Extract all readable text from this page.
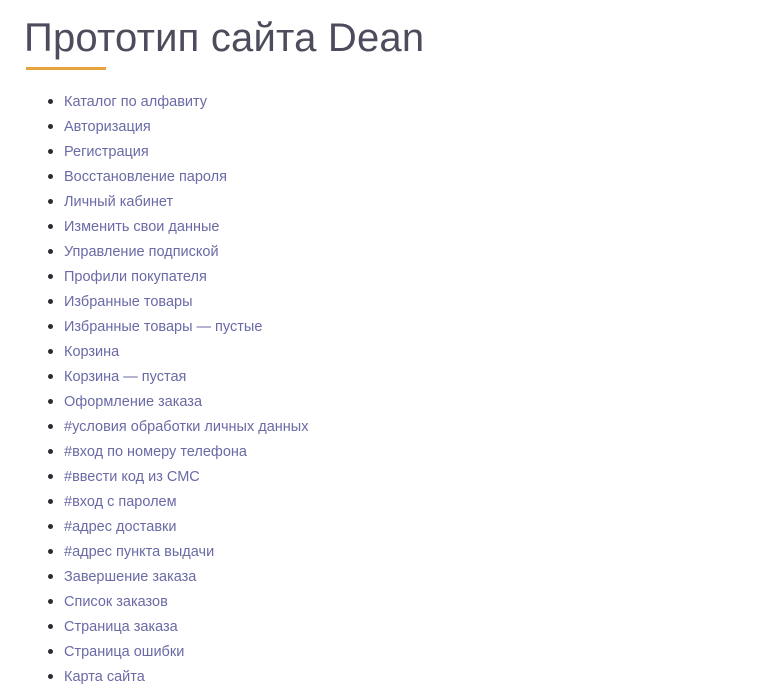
Прототип сайта Dean
Каталог по алфавиту
Авторизация
Регистрация
Восстановление пароля
Личный кабинет
Изменить свои данные
Управление подпиской
Профили покупателя
Избранные товары
Избранные товары — пустые
Корзина
Корзина — пустая
Оформление заказа
#условия обработки личных данных
#вход по номеру телефона
#ввести код из СМС
#вход с паролем
#адрес доставки
#адрес пункта выдачи
Завершение заказа
Список заказов
Страница заказа
Страница ошибки
Карта сайта
